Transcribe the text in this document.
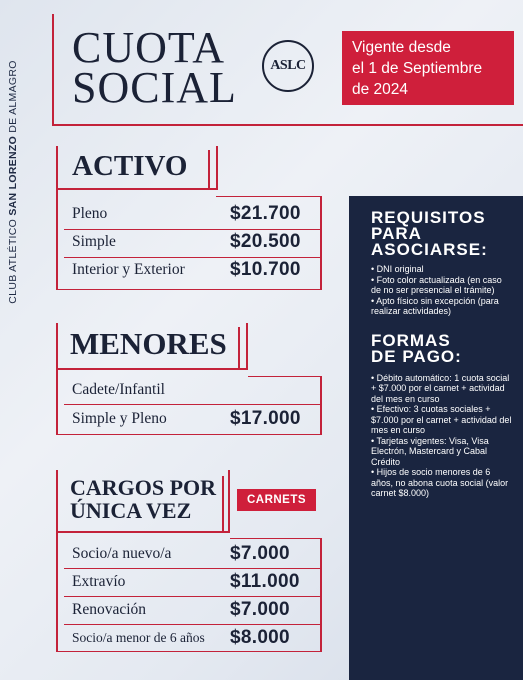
CLUB ATLÉTICO SAN LORENZO DE ALMAGRO
CUOTA
SOCIAL ASLC
Vigente desde
el 1 de Septiembre
de 2024
ACTIVO
Pleno	$21.700
Simple	$20.500
Interior y Exterior $10.700
MENORES
Cadete/Infantil
Simple y Pleno	$17.000
CARGOS POR
ÚNICA VEZ	CARNETS
Socio/a nuevo/a	$7.000
Extravío	$11.000
Renovación	$7.000
Socio/a menor de 6 años $8.000
REQUISITOS
PARA
ASOCIARSE:
• DNI original
• Foto color actualizada (en caso de no ser presencial el trámite)
• Apto físico sin excepción (para realizar actividades)
FORMAS
DE PAGO:
• Débito automático: 1 cuota social + $7.000 por el carnet + actividad del mes en curso
• Efectivo: 3 cuotas sociales + $7.000 por el carnet + actividad del mes en curso
• Tarjetas vigentes: Visa, Visa Electrón, Mastercard y Cabal Crédito
• Hijos de socio menores de 6 años, no abona cuota social (valor carnet $8.000)
